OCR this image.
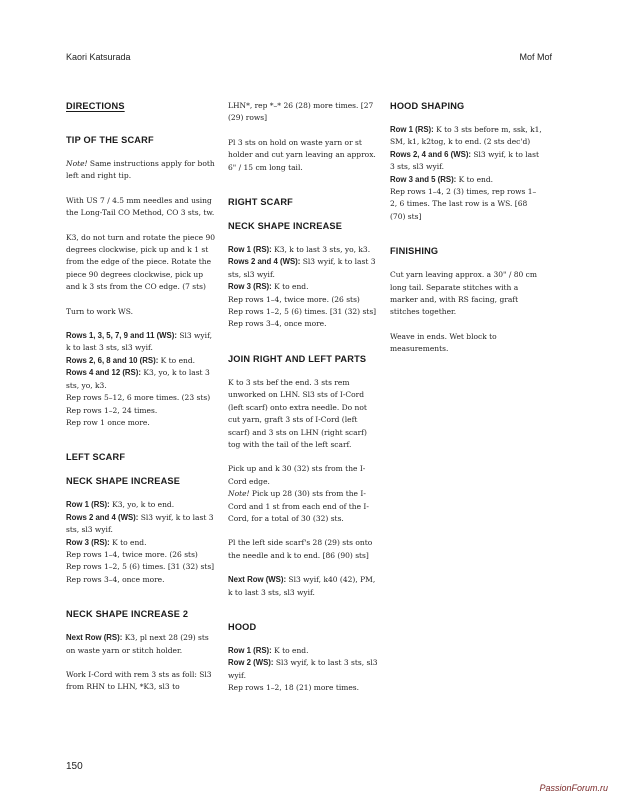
Kaori Katsurada	Mof Mof
DIRECTIONS
TIP OF THE SCARF

Note! Same instructions apply for both left and right tip.

With US 7 / 4.5 mm needles and using the Long-Tail CO Method, CO 3 sts, tw.

K3, do not turn and rotate the piece 90 degrees clockwise, pick up and k 1 st from the edge of the piece. Rotate the piece 90 degrees clockwise, pick up and k 3 sts from the CO edge. (7 sts)

Turn to work WS.

Rows 1, 3, 5, 7, 9 and 11 (WS): Sl3 wyif, k to last 3 sts, sl3 wyif.

Rows 2, 6, 8 and 10 (RS): K to end.

Rows 4 and 12 (RS): K3, yo, k to last 3 sts, yo, k3.

Rep rows 5–12, 6 more times. (23 sts)

Rep rows 1–2, 24 times.

Rep row 1 once more.

LEFT SCARF
NECK SHAPE INCREASE

Row 1 (RS): K3, yo, k to end.

Rows 2 and 4 (WS): Sl3 wyif, k to last 3 sts, sl3 wyif.

Row 3 (RS): K to end.

Rep rows 1–4, twice more. (26 sts)

Rep rows 1–2, 5 (6) times. [31 (32) sts]

Rep rows 3–4, once more.

NECK SHAPE INCREASE 2

Next Row (RS): K3, pl next 28 (29) sts on waste yarn or stitch holder.

Work I-Cord with rem 3 sts as foll: Sl3 from RHN to LHN, *K3, sl3 to

LHN*, rep *–* 26 (28) more times. [27 (29) rows]

Pl 3 sts on hold on waste yarn or st holder and cut yarn leaving an approx. 6" / 15 cm long tail.

RIGHT SCARF
NECK SHAPE INCREASE

Row 1 (RS): K3, k to last 3 sts, yo, k3.

Rows 2 and 4 (WS): Sl3 wyif, k to last 3 sts, sl3 wyif.

Row 3 (RS): K to end.

Rep rows 1–4, twice more. (26 sts)

Rep rows 1–2, 5 (6) times. [31 (32) sts]

Rep rows 3–4, once more.

JOIN RIGHT AND LEFT PARTS

K to 3 sts bef the end. 3 sts rem unworked on LHN. Sl3 sts of I-Cord (left scarf) onto extra needle. Do not cut yarn, graft 3 sts of I-Cord (left scarf) and 3 sts on LHN (right scarf) tog with the tail of the left scarf.

Pick up and k 30 (32) sts from the I-Cord edge.

Note! Pick up 28 (30) sts from the I-Cord and 1 st from each end of the I-Cord, for a total of 30 (32) sts.

Pl the left side scarf's 28 (29) sts onto the needle and k to end. [86 (90) sts]

Next Row (WS): Sl3 wyif, k40 (42), PM, k to last 3 sts, sl3 wyif.

HOOD

Row 1 (RS): K to end.

Row 2 (WS): Sl3 wyif, k to last 3 sts, sl3 wyif.

Rep rows 1–2, 18 (21) more times.

HOOD SHAPING

Row 1 (RS): K to 3 sts before m, ssk, k1, SM, k1, k2tog, k to end. (2 sts dec'd)

Rows 2, 4 and 6 (WS): Sl3 wyif, k to last 3 sts, sl3 wyif.

Row 3 and 5 (RS): K to end.

Rep rows 1–4, 2 (3) times, rep rows 1–2, 6 times. The last row is a WS. [68 (70) sts]

FINISHING

Cut yarn leaving approx. a 30" / 80 cm long tail. Separate stitches with a marker and, with RS facing, graft stitches together.

Weave in ends. Wet block to measurements.

150
PassionForum.ru
